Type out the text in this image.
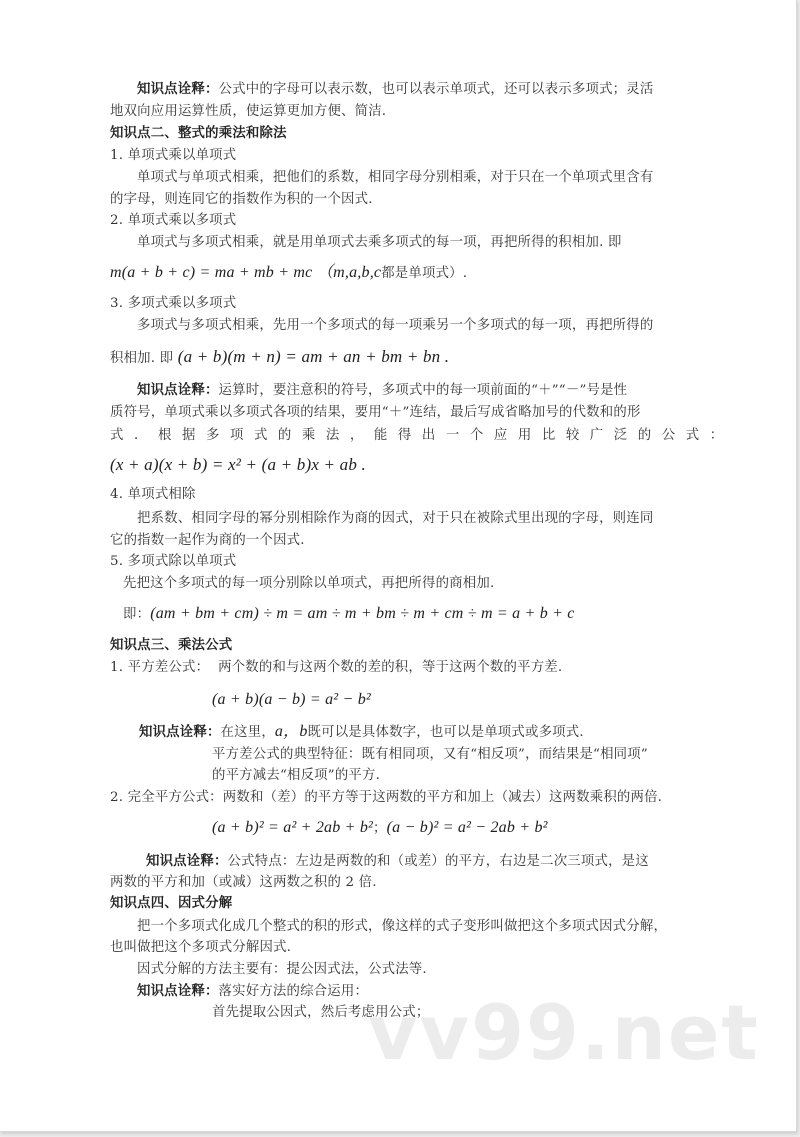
知识点诠释：公式中的字母可以表示数，也可以表示单项式，还可以表示多项式；灵活
地双向应用运算性质，使运算更加方便、简洁.
知识点二、整式的乘法和除法
1. 单项式乘以单项式
单项式与单项式相乘，把他们的系数，相同字母分别相乘，对于只在一个单项式里含有
的字母，则连同它的指数作为积的一个因式.
2. 单项式乘以多项式
单项式与多项式相乘，就是用单项式去乘多项式的每一项，再把所得的积相加. 即
m(a + b + c) = ma + mb + mc （m,a,b,c都是单项式）.
3. 多项式乘以多项式
多项式与多项式相乘，先用一个多项式的每一项乘另一个多项式的每一项，再把所得的
积相加. 即 (a + b)(m + n) = am + an + bm + bn .
知识点诠释：运算时，要注意积的符号，多项式中的每一项前面的“＋”“－”号是性
质符号，单项式乘以多项式各项的结果，要用“＋”连结，最后写成省略加号的代数和的形
式．根据多项式的乘法，能得出一个应用比较广泛的公式：
(x + a)(x + b) = x² + (a + b)x + ab .
4. 单项式相除
把系数、相同字母的幂分别相除作为商的因式，对于只在被除式里出现的字母，则连同
它的指数一起作为商的一个因式.
5. 多项式除以单项式
先把这个多项式的每一项分别除以单项式，再把所得的商相加.
即：(am + bm + cm) ÷ m = am ÷ m + bm ÷ m + cm ÷ m = a + b + c
知识点三、乘法公式
1. 平方差公式： 两个数的和与这两个数的差的积，等于这两个数的平方差.
(a + b)(a − b) = a² − b²
知识点诠释：在这里，a，b既可以是具体数字，也可以是单项式或多项式.
平方差公式的典型特征：既有相同项，又有“相反项”，而结果是“相同项”
的平方减去“相反项”的平方.
2. 完全平方公式：两数和（差）的平方等于这两数的平方和加上（减去）这两数乘积的两倍.
(a + b)² = a² + 2ab + b²；(a − b)² = a² − 2ab + b²
知识点诠释：公式特点：左边是两数的和（或差）的平方，右边是二次三项式，是这
两数的平方和加（或减）这两数之积的 2 倍.
知识点四、因式分解
把一个多项式化成几个整式的积的形式，像这样的式子变形叫做把这个多项式因式分解，
也叫做把这个多项式分解因式.
因式分解的方法主要有：提公因式法，公式法等.
知识点诠释：落实好方法的综合运用：
首先提取公因式，然后考虑用公式；
vv99.net
